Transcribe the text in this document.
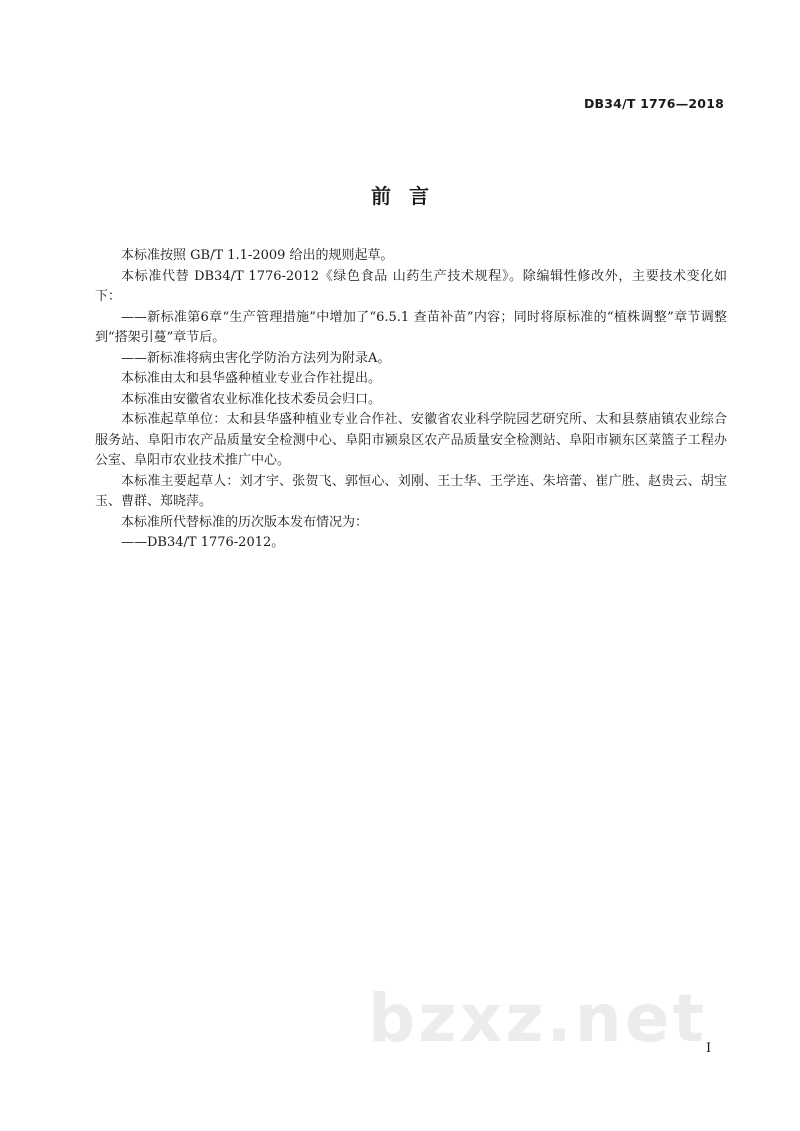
DB34/T 1776—2018
前言

本标准按照 GB/T 1.1-2009 给出的规则起草。

本标准代替 DB34/T 1776-2012《绿色食品 山药生产技术规程》。除编辑性修改外，主要技术变化如下：

——新标准第6章“生产管理措施”中增加了“6.5.1 查苗补苗”内容；同时将原标准的“植株调整”章节调整到“搭架引蔓”章节后。

——新标准将病虫害化学防治方法列为附录A。

本标准由太和县华盛种植业专业合作社提出。

本标准由安徽省农业标准化技术委员会归口。

本标准起草单位：太和县华盛种植业专业合作社、安徽省农业科学院园艺研究所、太和县蔡庙镇农业综合服务站、阜阳市农产品质量安全检测中心、阜阳市颍泉区农产品质量安全检测站、阜阳市颍东区菜篮子工程办公室、阜阳市农业技术推广中心。

本标准主要起草人：刘才宇、张贺飞、郭恒心、刘刚、王士华、王学连、朱培蕾、崔广胜、赵贵云、胡宝玉、曹群、郑晓萍。

本标准所代替标准的历次版本发布情况为：

——DB34/T 1776-2012。

bzxz.net
I
